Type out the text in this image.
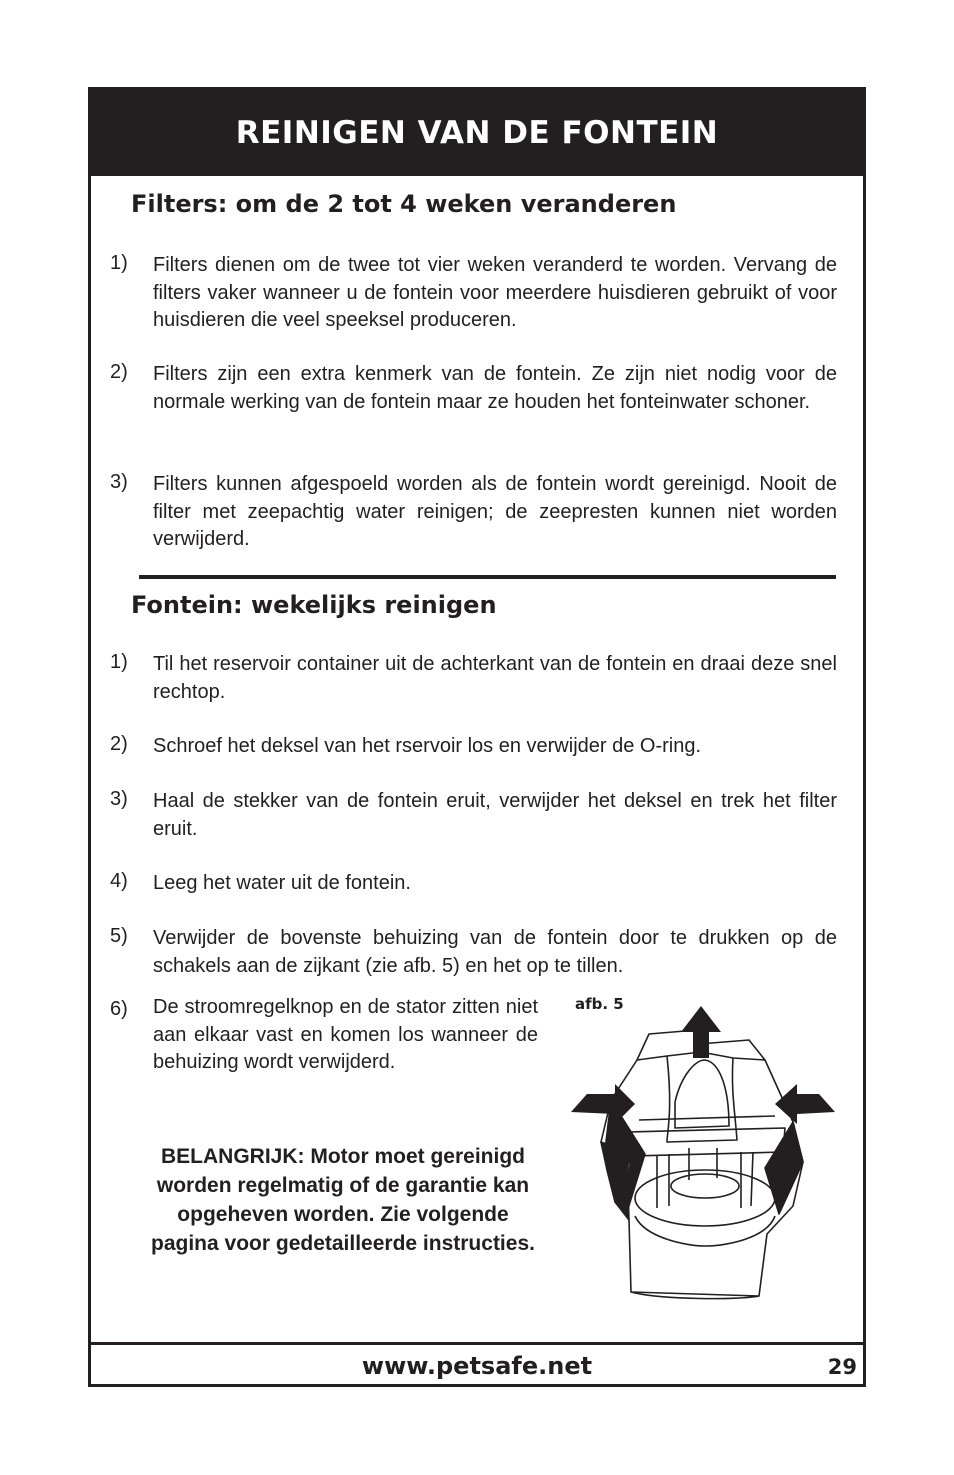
REINIGEN VAN DE FONTEIN
Filters: om de 2 tot 4 weken veranderen
1) Filters dienen om de twee tot vier weken veranderd te worden. Vervang de filters vaker wanneer u de fontein voor meerdere huisdieren gebruikt of voor huisdieren die veel speeksel produceren.
2) Filters zijn een extra kenmerk van de fontein. Ze zijn niet nodig voor de normale werking van de fontein maar ze houden het fonteinwater schoner.
3) Filters kunnen afgespoeld worden als de fontein wordt gereinigd. Nooit de filter met zeepachtig water reinigen; de zeepresten kunnen niet worden verwijderd.
Fontein: wekelijks reinigen
1) Til het reservoir container uit de achterkant van de fontein en draai deze snel rechtop.
2) Schroef het deksel van het rservoir los en verwijder de O-ring.
3) Haal de stekker van de fontein eruit, verwijder het deksel en trek het filter eruit.
4) Leeg het water uit de fontein.
5) Verwijder de bovenste behuizing van de fontein door te drukken op de schakels aan de zijkant (zie afb. 5) en het op te tillen.
6) De stroomregelknop en de stator zitten niet aan elkaar vast en komen los wanneer de behuizing wordt verwijderd.
BELANGRIJK: Motor moet gereinigd worden regelmatig of de garantie kan opgeheven worden. Zie volgende pagina voor gedetailleerde instructies.
afb. 5
www.petsafe.net	29
